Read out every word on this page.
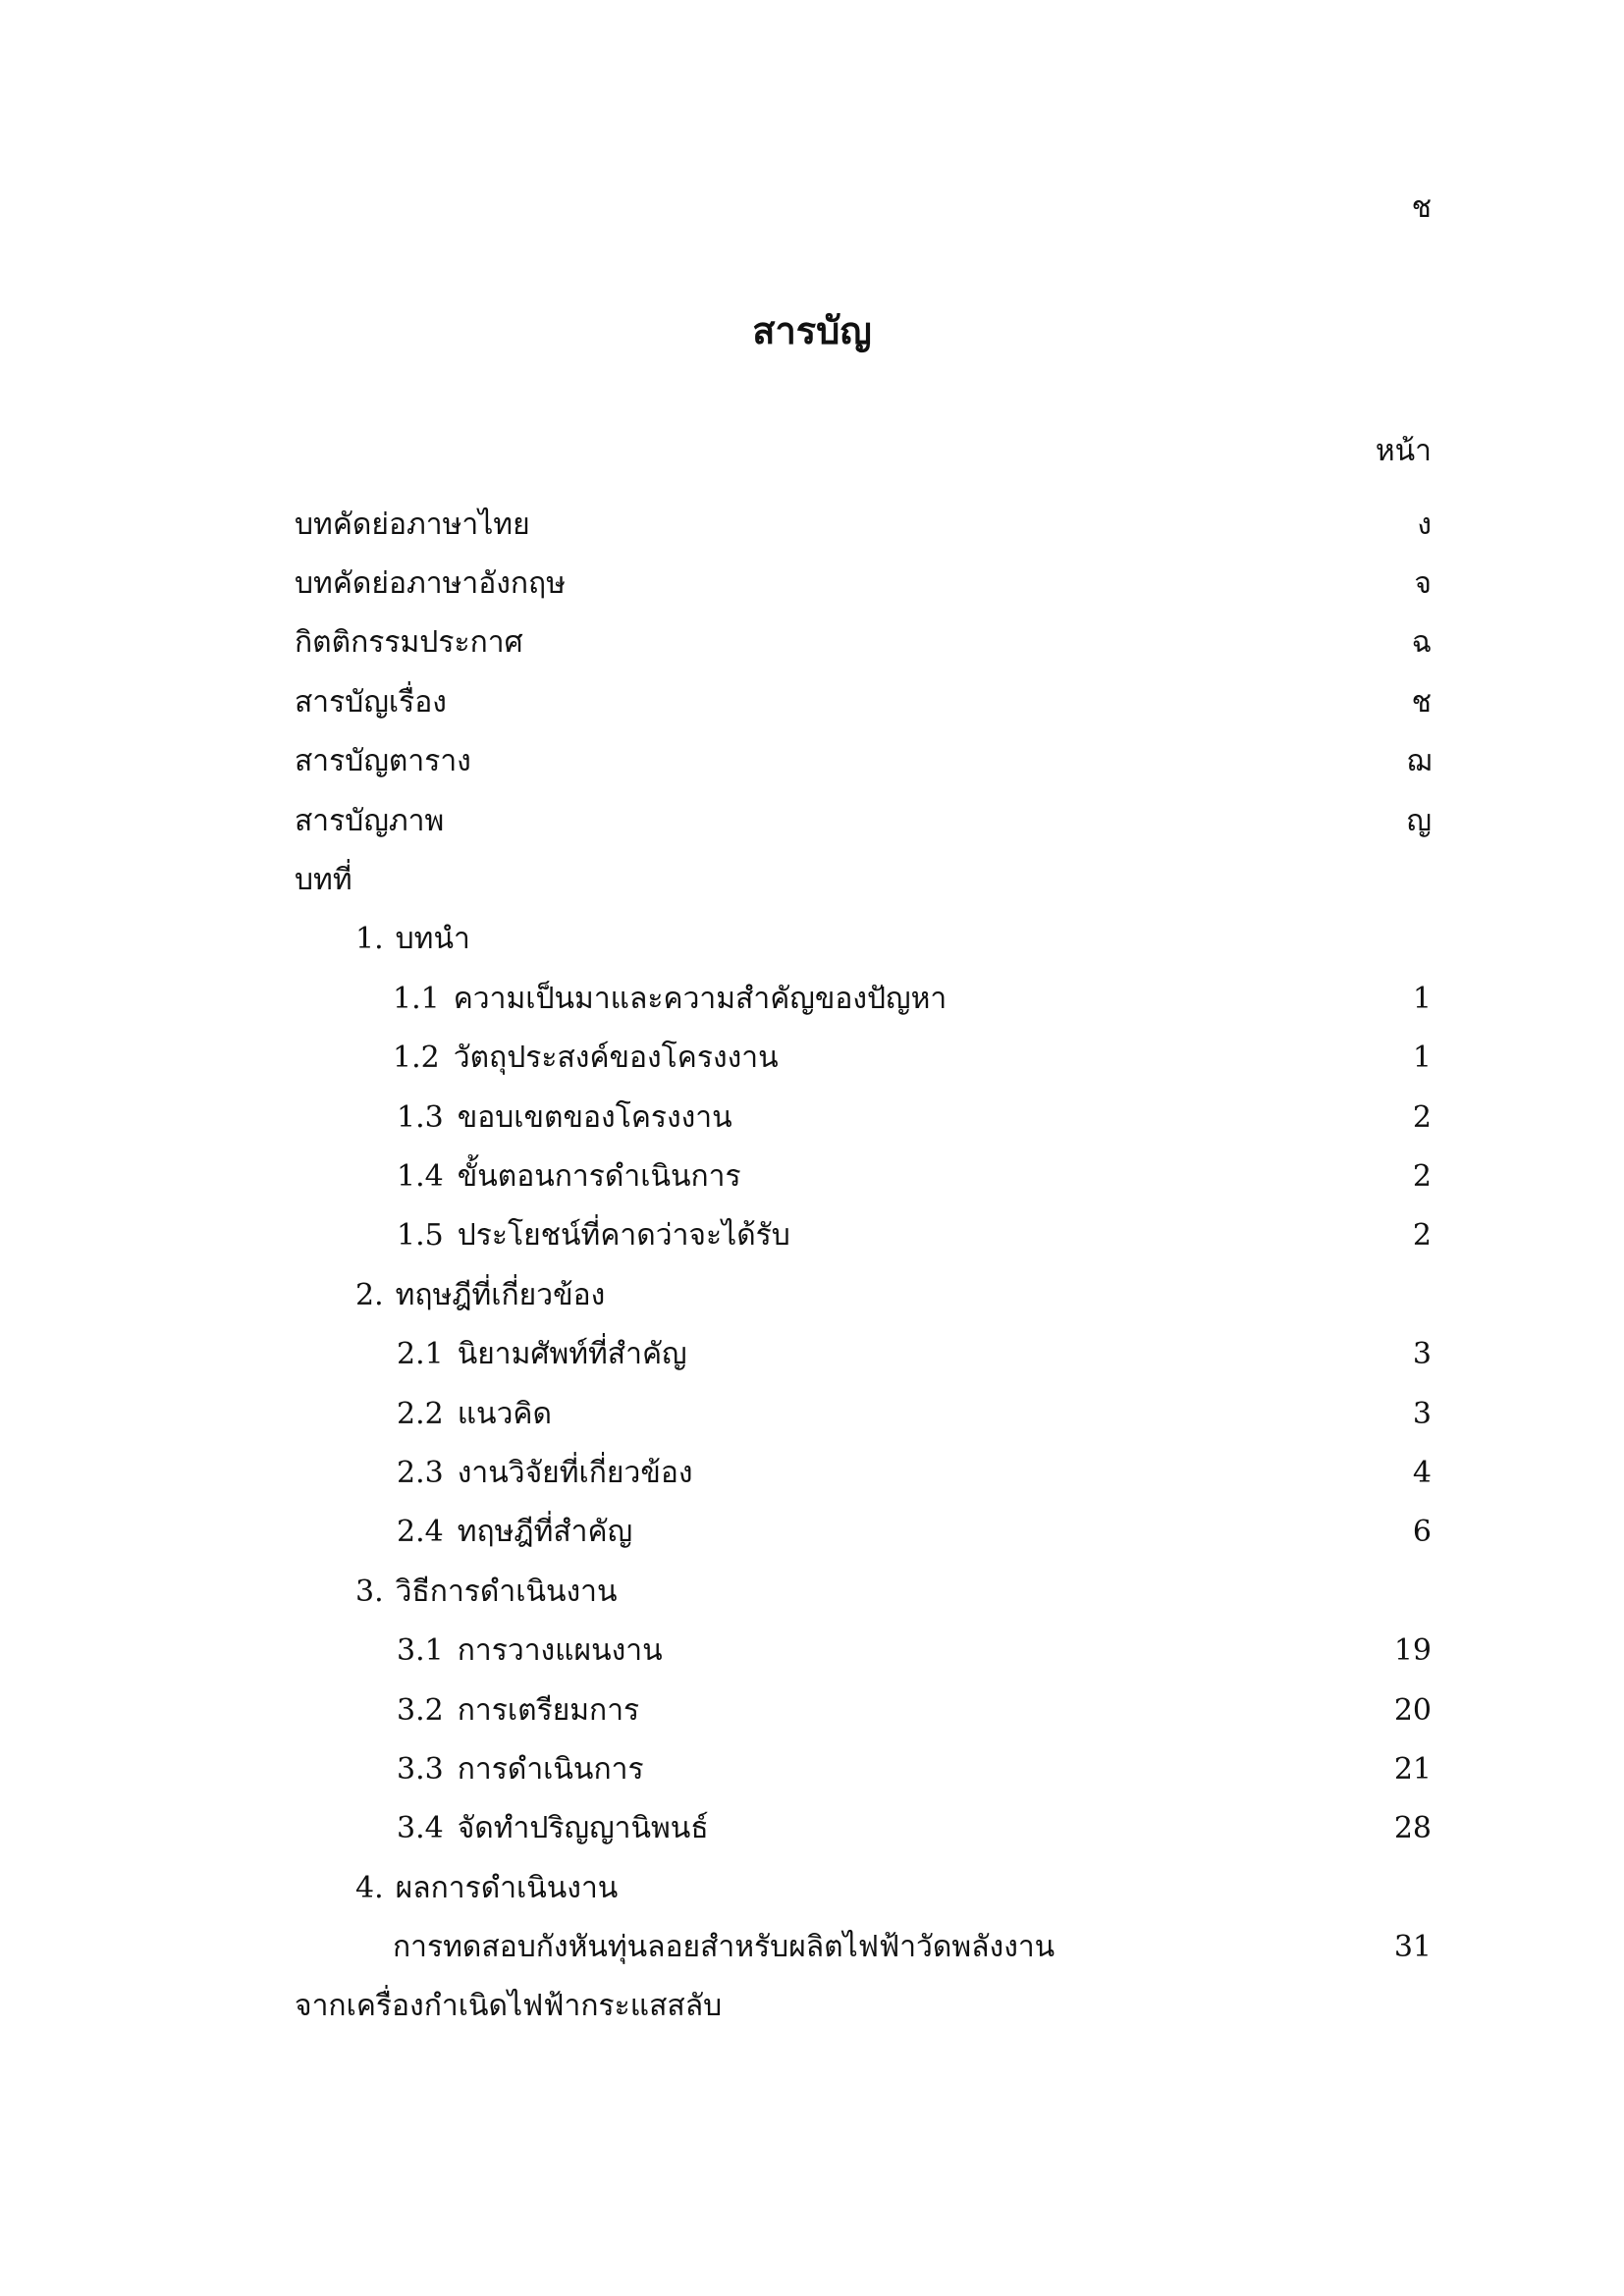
ช
สารบัญ
หน้า
บทคัดย่อภาษาไทย	ง
บทคัดย่อภาษาอังกฤษ	จ
กิตติกรรมประกาศ	ฉ
สารบัญเรื่อง	ช
สารบัญตาราง	ฌ
สารบัญภาพ	ญ
บทที่
1. บทนำ
1.1 ความเป็นมาและความสำคัญของปัญหา	1
1.2 วัตถุประสงค์ของโครงงาน	1
1.3 ขอบเขตของโครงงาน	2
1.4 ขั้นตอนการดำเนินการ	2
1.5 ประโยชน์ที่คาดว่าจะได้รับ	2
2. ทฤษฎีที่เกี่ยวข้อง
2.1 นิยามศัพท์ที่สำคัญ	3
2.2 แนวคิด	3
2.3 งานวิจัยที่เกี่ยวข้อง	4
2.4 ทฤษฎีที่สำคัญ	6
3. วิธีการดำเนินงาน
3.1 การวางแผนงาน	19
3.2 การเตรียมการ	20
3.3 การดำเนินการ	21
3.4 จัดทำปริญญานิพนธ์	28
4. ผลการดำเนินงาน
การทดสอบกังหันทุ่นลอยสำหรับผลิตไฟฟ้าวัดพลังงาน	31
จากเครื่องกำเนิดไฟฟ้ากระแสสลับ
